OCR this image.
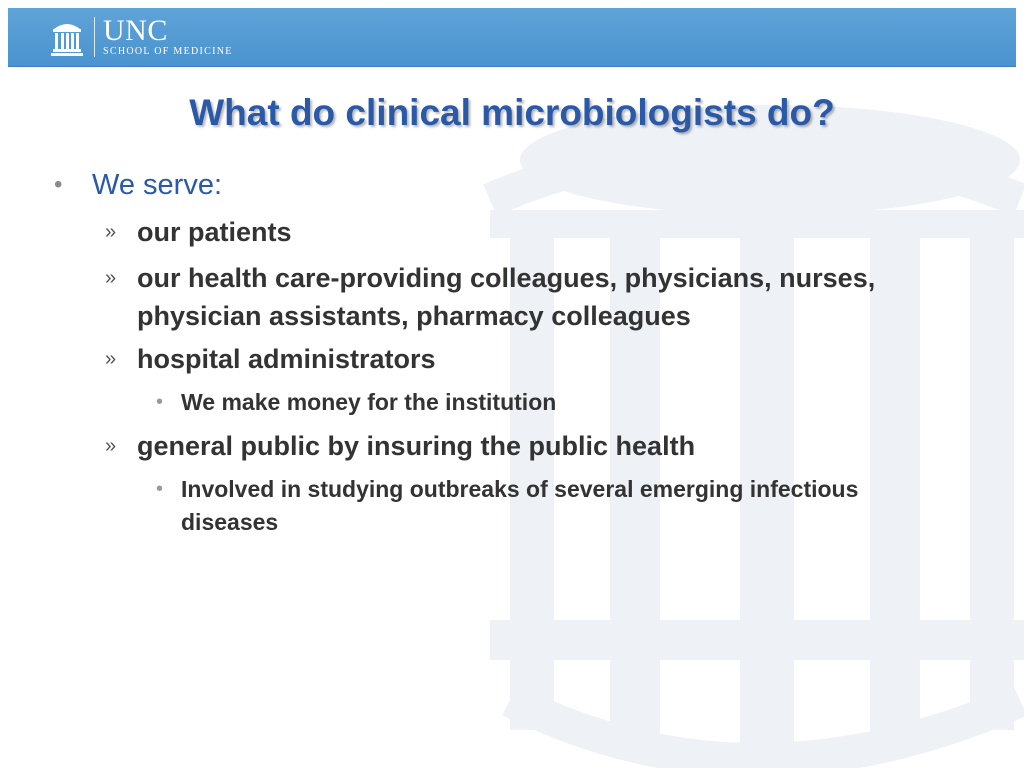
UNC
SCHOOL OF MEDICINE
What do clinical microbiologists do?
• We serve:
» our patients
» our health care-providing colleagues, physicians, nurses, physician assistants, pharmacy colleagues
» hospital administrators
• We make money for the institution
» general public by insuring the public health
• Involved in studying outbreaks of several emerging infectious diseases
